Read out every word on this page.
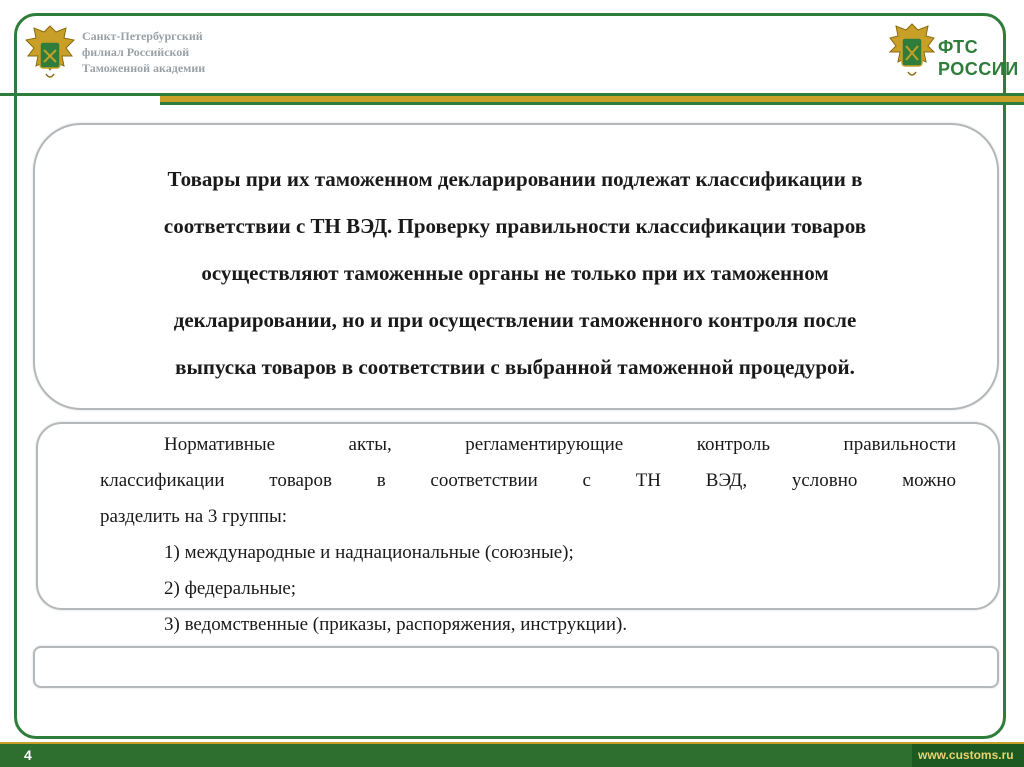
Санкт-Петербургский
филиал Российской
Таможенной академии
ФТС
РОССИИ

Товары при их таможенном декларировании подлежат классификации в

соответствии с ТН ВЭД. Проверку правильности классификации товаров

осуществляют таможенные органы не только при их таможенном

декларировании, но и при осуществлении таможенного контроля после

выпуска товаров в соответствии с выбранной таможенной процедурой.

Нормативные акты, регламентирующие контроль правильности

классификации товаров в соответствии с ТН ВЭД, условно можно

разделить на 3 группы:

1) международные и наднациональные (союзные);

2) федеральные;

3) ведомственные (приказы, распоряжения, инструкции).

4	www.customs.ru
